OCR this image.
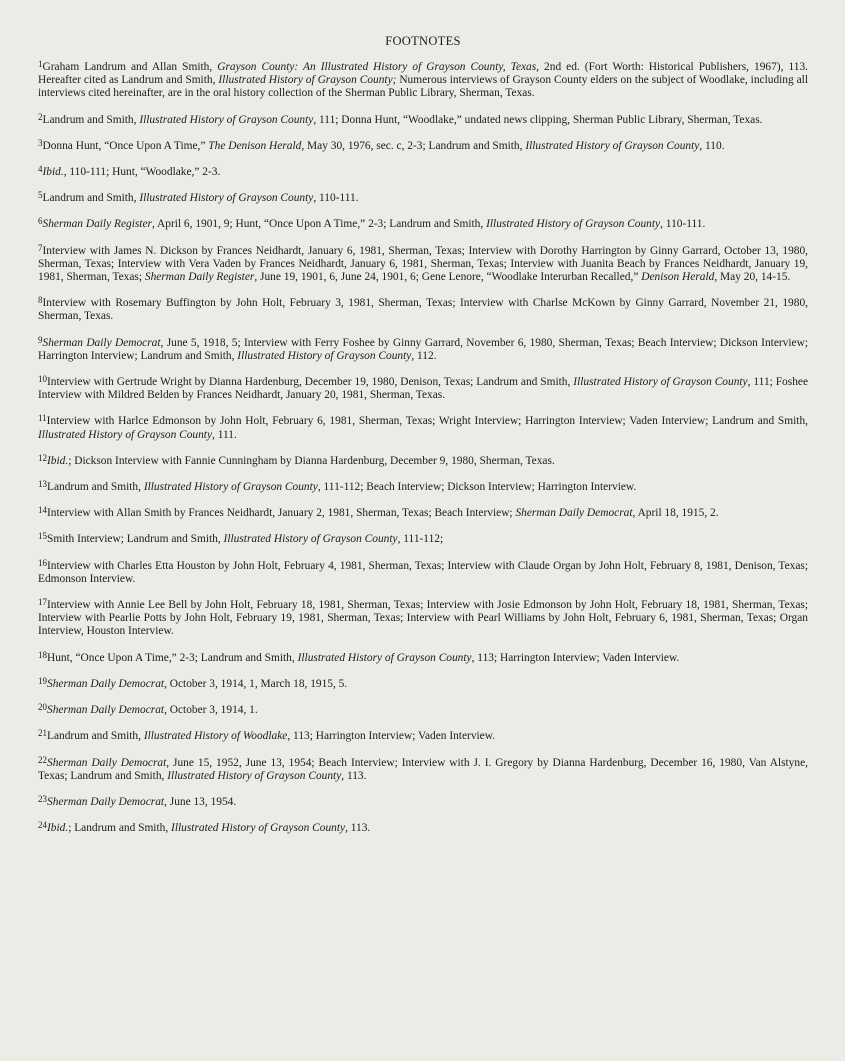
FOOTNOTES
$^1$Graham Landrum and Allan Smith, Grayson County: An Illustrated History of Grayson County, Texas, 2nd ed. (Fort Worth: Historical Publishers, 1967), 113. Hereafter cited as Landrum and Smith, Illustrated History of Grayson County; Numerous interviews of Grayson County elders on the subject of Woodlake, including all interviews cited hereinafter, are in the oral history collection of the Sherman Public Library, Sherman, Texas.
$^2$Landrum and Smith, Illustrated History of Grayson County, 111; Donna Hunt, “Woodlake,” undated news clipping, Sherman Public Library, Sherman, Texas.
$^3$Donna Hunt, “Once Upon A Time,” The Denison Herald, May 30, 1976, sec. c, 2-3; Landrum and Smith, Illustrated History of Grayson County, 110.
$^4$Ibid., 110-111; Hunt, “Woodlake,” 2-3.
$^5$Landrum and Smith, Illustrated History of Grayson County, 110-111.
$^6$Sherman Daily Register, April 6, 1901, 9; Hunt, “Once Upon A Time,” 2-3; Landrum and Smith, Illustrated History of Grayson County, 110-111.
$^7$Interview with James N. Dickson by Frances Neidhardt, January 6, 1981, Sherman, Texas; Interview with Dorothy Harrington by Ginny Garrard, October 13, 1980, Sherman, Texas; Interview with Vera Vaden by Frances Neidhardt, January 6, 1981, Sherman, Texas; Interview with Juanita Beach by Frances Neidhardt, January 19, 1981, Sherman, Texas; Sherman Daily Register, June 19, 1901, 6, June 24, 1901, 6; Gene Lenore, “Woodlake Interurban Recalled,” Denison Herald, May 20, 14-15.
$^8$Interview with Rosemary Buffington by John Holt, February 3, 1981, Sherman, Texas; Interview with Charlse McKown by Ginny Garrard, November 21, 1980, Sherman, Texas.
$^9$Sherman Daily Democrat, June 5, 1918, 5; Interview with Ferry Foshee by Ginny Garrard, November 6, 1980, Sherman, Texas; Beach Interview; Dickson Interview; Harrington Interview; Landrum and Smith, Illustrated History of Grayson County, 112.
$^{10}$Interview with Gertrude Wright by Dianna Hardenburg, December 19, 1980, Denison, Texas; Landrum and Smith, Illustrated History of Grayson County, 111; Foshee Interview with Mildred Belden by Frances Neidhardt, January 20, 1981, Sherman, Texas.
$^{11}$Interview with Harlce Edmonson by John Holt, February 6, 1981, Sherman, Texas; Wright Interview; Harrington Interview; Vaden Interview; Landrum and Smith, Illustrated History of Grayson County, 111.
$^{12}$Ibid.; Dickson Interview with Fannie Cunningham by Dianna Hardenburg, December 9, 1980, Sherman, Texas.
$^{13}$Landrum and Smith, Illustrated History of Grayson County, 111-112; Beach Interview; Dickson Interview; Harrington Interview.
$^{14}$Interview with Allan Smith by Frances Neidhardt, January 2, 1981, Sherman, Texas; Beach Interview; Sherman Daily Democrat, April 18, 1915, 2.
$^{15}$Smith Interview; Landrum and Smith, Illustrated History of Grayson County, 111-112;
$^{16}$Interview with Charles Etta Houston by John Holt, February 4, 1981, Sherman, Texas; Interview with Claude Organ by John Holt, February 8, 1981, Denison, Texas; Edmonson Interview.
$^{17}$Interview with Annie Lee Bell by John Holt, February 18, 1981, Sherman, Texas; Interview with Josie Edmonson by John Holt, February 18, 1981, Sherman, Texas; Interview with Pearlie Potts by John Holt, February 19, 1981, Sherman, Texas; Interview with Pearl Williams by John Holt, February 6, 1981, Sherman, Texas; Organ Interview, Houston Interview.
$^{18}$Hunt, “Once Upon A Time,” 2-3; Landrum and Smith, Illustrated History of Grayson County, 113; Harrington Interview; Vaden Interview.
$^{19}$Sherman Daily Democrat, October 3, 1914, 1, March 18, 1915, 5.
$^{20}$Sherman Daily Democrat, October 3, 1914, 1.
$^{21}$Landrum and Smith, Illustrated History of Woodlake, 113; Harrington Interview; Vaden Interview.
$^{22}$Sherman Daily Democrat, June 15, 1952, June 13, 1954; Beach Interview; Interview with J. I. Gregory by Dianna Hardenburg, December 16, 1980, Van Alstyne, Texas; Landrum and Smith, Illustrated History of Grayson County, 113.
$^{23}$Sherman Daily Democrat, June 13, 1954.
$^{24}$Ibid.; Landrum and Smith, Illustrated History of Grayson County, 113.
